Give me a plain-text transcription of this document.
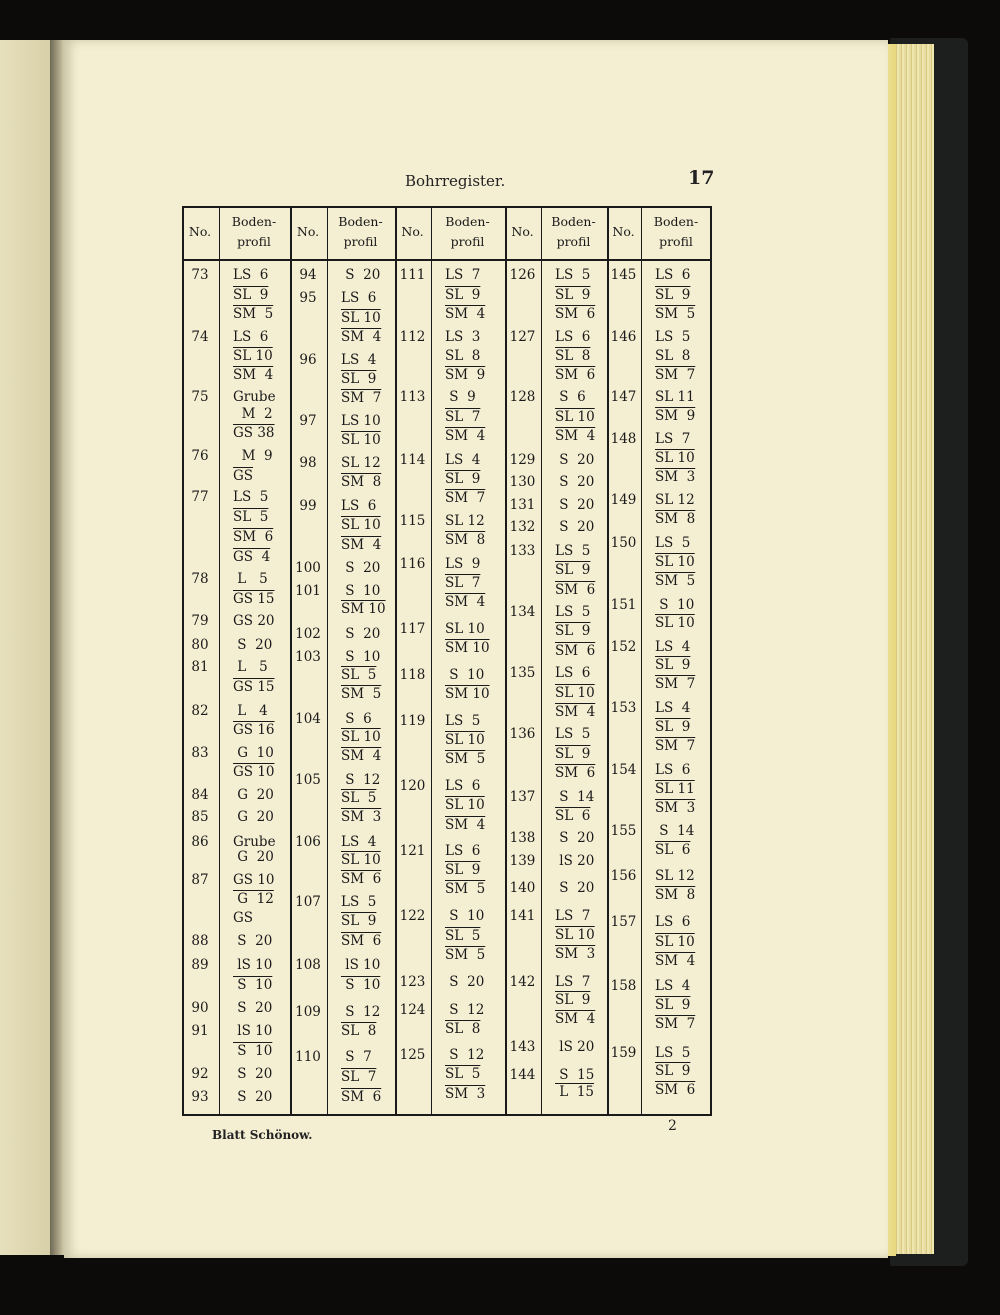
Bohrregister.	17
No.
Boden-
profil
73
74
75
76
77
78
79
80
81
82
83
84
85
86
87
88
89
90
91
92
93
LS  6
SL  9
SM  5
LS  6
SL 10
SM  4
Grube
M  2
GS 38
M  9
$\overline{GS}$
LS  5
SL  5
SM  6
GS  4
L   5
GS 15
GS 20
S  20
L   5
GS 15
L   4
GS 16
G  10
GS 10
G  20
G  20
Grube
G  20
GS 10
G  12
GS
S  20
lS 10
S  10
S  20
lS 10
S  10
S  20
S  20
No.
Boden-
profil
94
95
96
97
98
99
100
101
102
103
104
105
106
107
108
109
110
S  20
LS  6
SL 10
SM  4
LS  4
SL  9
SM  7
LS 10
SL 10
SL 12
SM  8
LS  6
SL 10
SM  4
S  20
S  10
SM 10
S  20
S  10
SL  5
SM  5
S  6
SL 10
SM  4
S  12
SL  5
SM  3
LS  4
SL 10
SM  6
LS  5
SL  9
SM  6
lS 10
S  10
S  12
SL  8
S  7
SL  7
SM  6
No.
Boden-
profil
111
112
113
114
115
116
117
118
119
120
121
122
123
124
125
LS  7
SL  9
SM  4
LS  3
SL  8
SM  9
S  9
SL  7
SM  4
LS  4
SL  9
SM  7
SL 12
SM  8
LS  9
SL  7
SM  4
SL 10
SM 10
S  10
SM 10
LS  5
SL 10
SM  5
LS  6
SL 10
SM  4
LS  6
SL  9
SM  5
S  10
SL  5
SM  5
S  20
S  12
SL  8
S  12
SL  5
SM  3
No.
Boden-
profil
126
127
128
129
130
131
132
133
134
135
136
137
138
139
140
141
142
143
144
LS  5
SL  9
SM  6
LS  6
SL  8
SM  6
S  6
SL 10
SM  4
S  20
S  20
S  20
S  20
LS  5
SL  9
SM  6
LS  5
SL  9
SM  6
LS  6
SL 10
SM  4
LS  5
SL  9
SM  6
S  14
SL  6
S  20
lS 20
S  20
LS  7
SL 10
SM  3
LS  7
SL  9
SM  4
lS 20
S  15
L  15
No.
Boden-
profil
145
146
147
148
149
150
151
152
153
154
155
156
157
158
159
LS  6
SL  9
SM  5
LS  5
SL  8
SM  7
SL 11
SM  9
LS  7
SL 10
SM  3
SL 12
SM  8
LS  5
SL 10
SM  5
S  10
SL 10
LS  4
SL  9
SM  7
LS  4
SL  9
SM  7
LS  6
SL 11
SM  3
S  14
SL  6
SL 12
SM  8
LS  6
SL 10
SM  4
LS  4
SL  9
SM  7
LS  5
SL  9
SM  6
Blatt Schönow.
2
